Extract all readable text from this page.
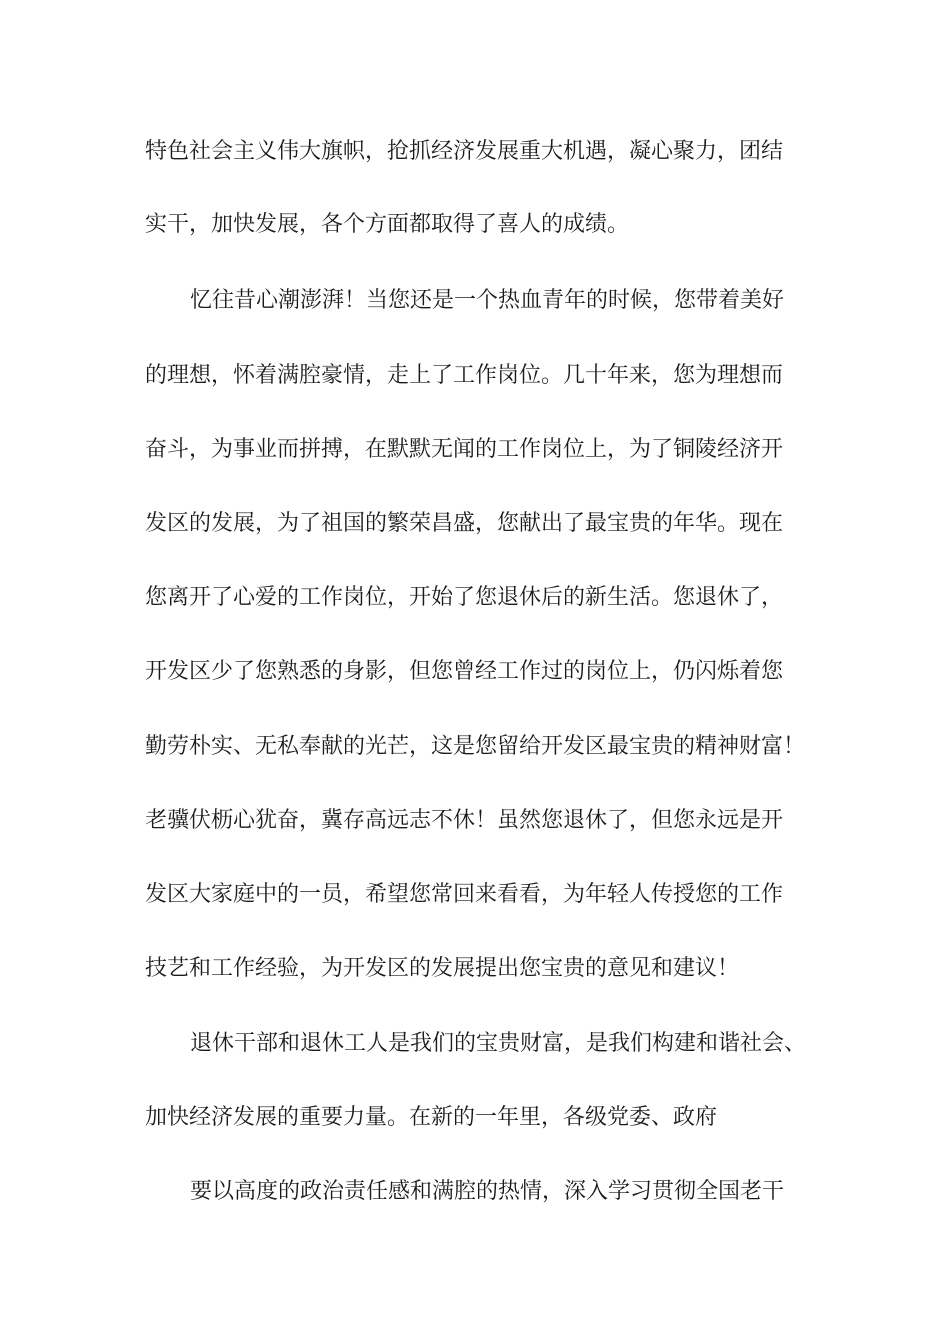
特色社会主义伟大旗帜，抢抓经济发展重大机遇，凝心聚力，团结
实干，加快发展，各个方面都取得了喜人的成绩。
忆往昔心潮澎湃！当您还是一个热血青年的时候，您带着美好
的理想，怀着满腔豪情，走上了工作岗位。几十年来，您为理想而
奋斗，为事业而拼搏，在默默无闻的工作岗位上，为了铜陵经济开
发区的发展，为了祖国的繁荣昌盛，您献出了最宝贵的年华。现在
您离开了心爱的工作岗位，开始了您退休后的新生活。您退休了，
开发区少了您熟悉的身影，但您曾经工作过的岗位上，仍闪烁着您
勤劳朴实、无私奉献的光芒，这是您留给开发区最宝贵的精神财富！
老骥伏枥心犹奋，冀存高远志不休！虽然您退休了，但您永远是开
发区大家庭中的一员，希望您常回来看看，为年轻人传授您的工作
技艺和工作经验，为开发区的发展提出您宝贵的意见和建议！
退休干部和退休工人是我们的宝贵财富，是我们构建和谐社会、
加快经济发展的重要力量。在新的一年里，各级党委、政府
要以高度的政治责任感和满腔的热情，深入学习贯彻全国老干
